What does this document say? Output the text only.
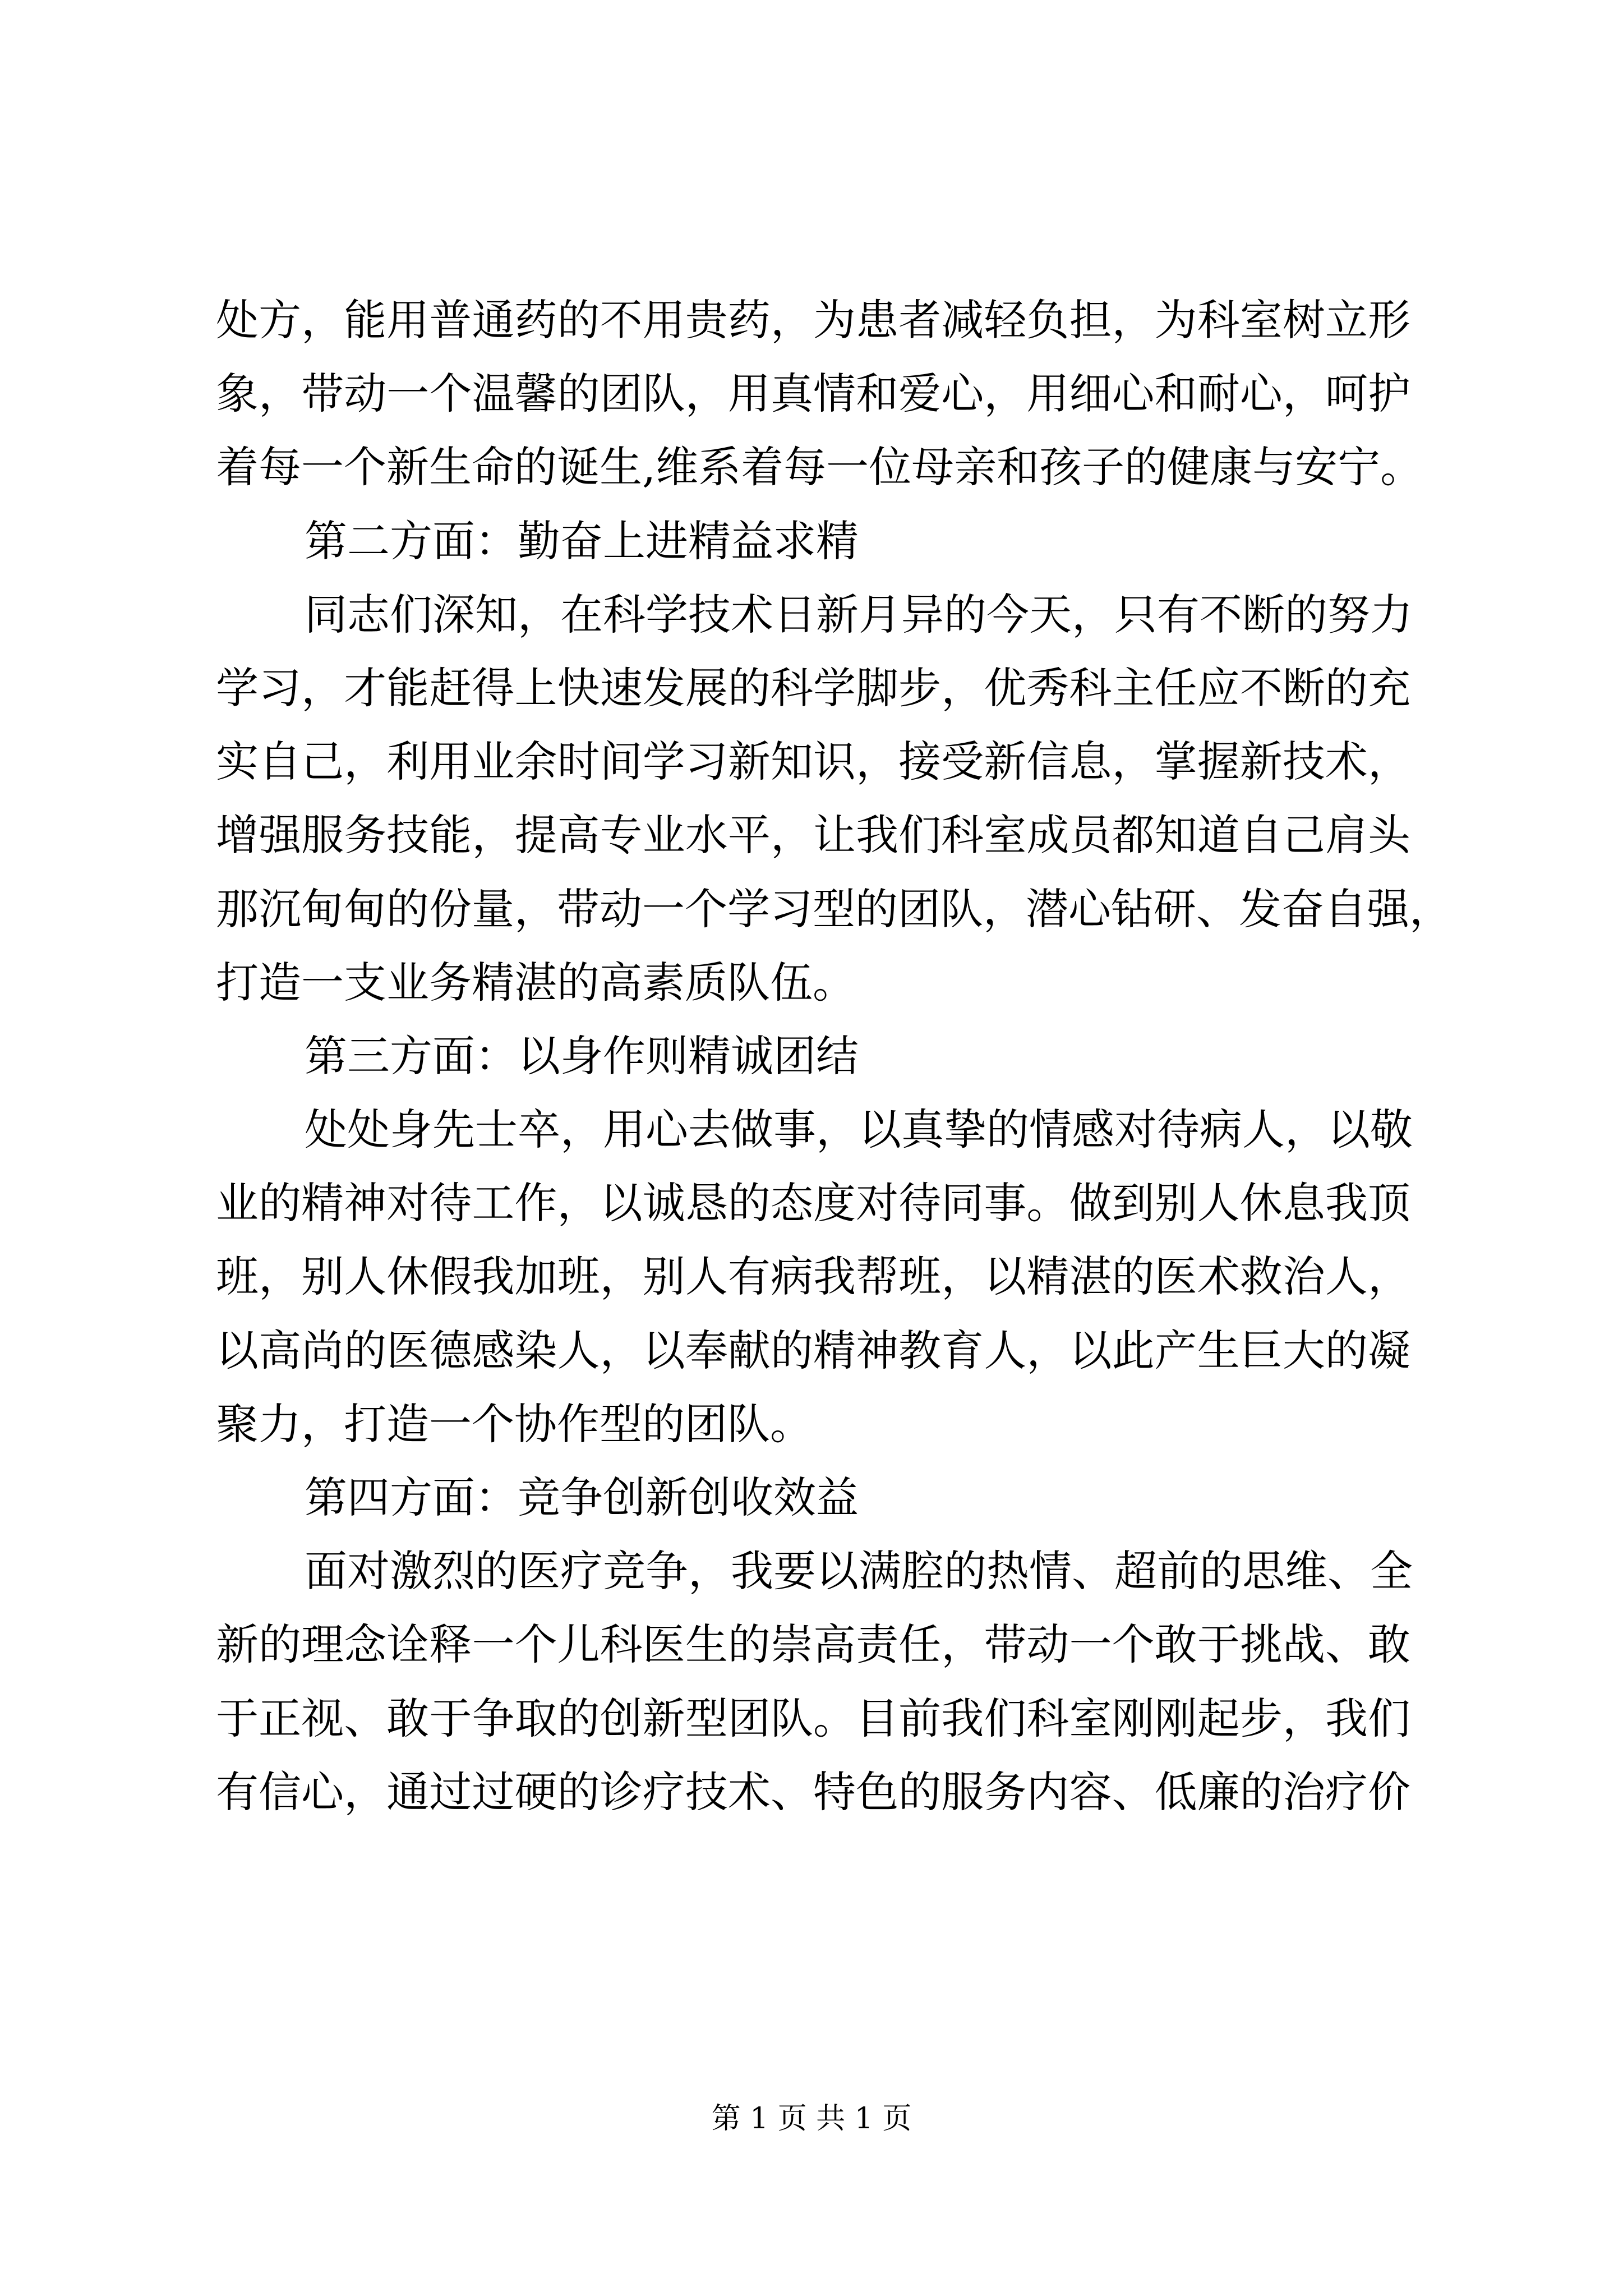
处方，能用普通药的不用贵药，为患者减轻负担，为科室树立形
象，带动一个温馨的团队，用真情和爱心，用细心和耐心，呵护
着每一个新生命的诞生,维系着每一位母亲和孩子的健康与安宁。
第二方面：勤奋上进精益求精
同志们深知，在科学技术日新月异的今天，只有不断的努力
学习，才能赶得上快速发展的科学脚步，优秀科主任应不断的充
实自己，利用业余时间学习新知识，接受新信息，掌握新技术，
增强服务技能，提高专业水平，让我们科室成员都知道自己肩头
那沉甸甸的份量，带动一个学习型的团队，潜心钻研、发奋自强，
打造一支业务精湛的高素质队伍。
第三方面：以身作则精诚团结
处处身先士卒，用心去做事，以真挚的情感对待病人，以敬
业的精神对待工作，以诚恳的态度对待同事。做到别人休息我顶
班，别人休假我加班，别人有病我帮班，以精湛的医术救治人，
以高尚的医德感染人，以奉献的精神教育人，以此产生巨大的凝
聚力，打造一个协作型的团队。
第四方面：竞争创新创收效益
面对激烈的医疗竞争，我要以满腔的热情、超前的思维、全
新的理念诠释一个儿科医生的崇高责任，带动一个敢于挑战、敢
于正视、敢于争取的创新型团队。目前我们科室刚刚起步，我们
有信心，通过过硬的诊疗技术、特色的服务内容、低廉的治疗价
第 1 页 共 1 页
